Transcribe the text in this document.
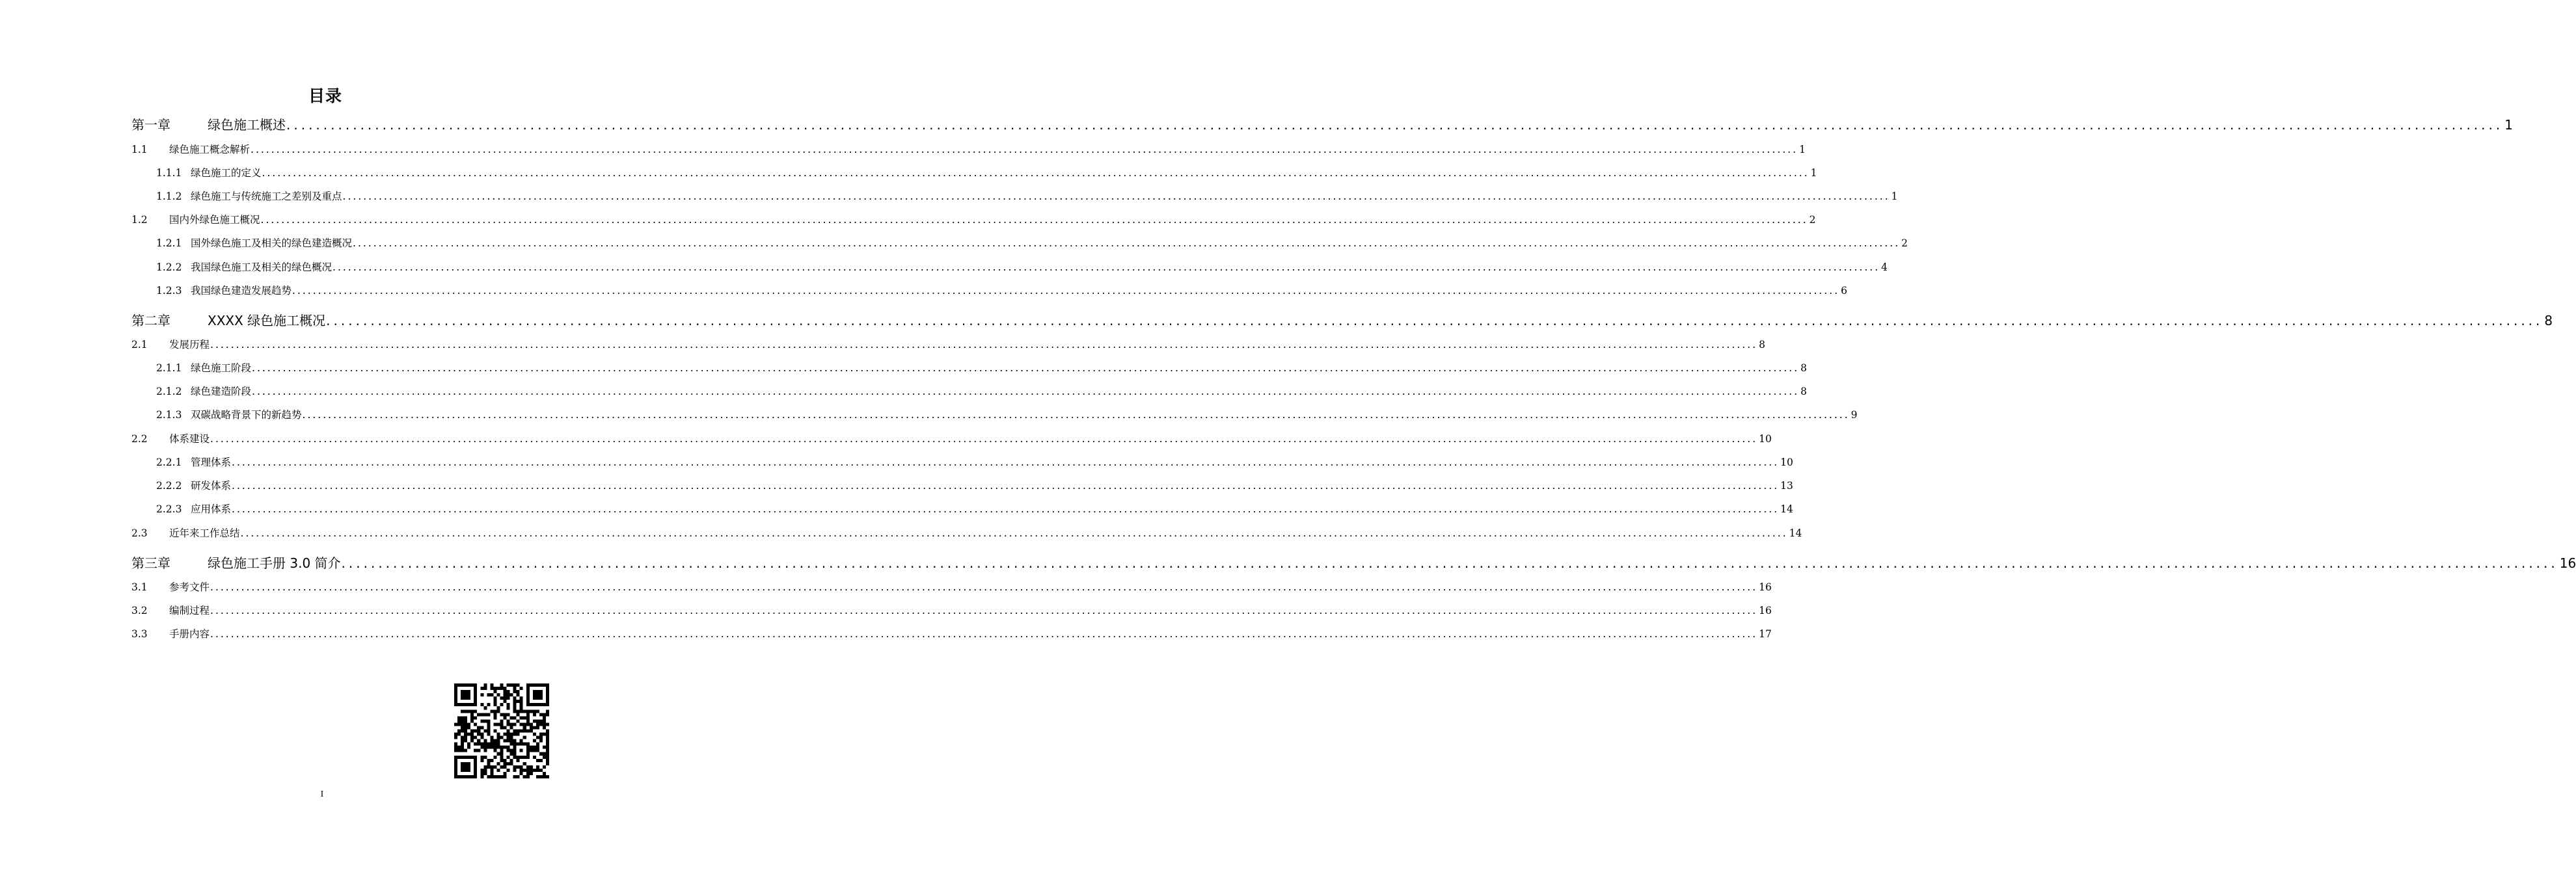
目录
第一章	绿色施工概述 ............................................................................................................................................................................................................................................................................................................ 1
1.1	绿色施工概念解析 ............................................................................................................................................................................................................................................................................................................ 1
1.1.1 绿色施工的定义 ............................................................................................................................................................................................................................................................................................................ 1
1.1.2 绿色施工与传统施工之差别及重点 ............................................................................................................................................................................................................................................................................................................ 1
1.2	国内外绿色施工概况 ............................................................................................................................................................................................................................................................................................................ 2
1.2.1 国外绿色施工及相关的绿色建造概况 ............................................................................................................................................................................................................................................................................................................ 2
1.2.2 我国绿色施工及相关的绿色概况 ............................................................................................................................................................................................................................................................................................................ 4
1.2.3 我国绿色建造发展趋势 ............................................................................................................................................................................................................................................................................................................ 6
第二章	XXXX 绿色施工概况 ............................................................................................................................................................................................................................................................................................................ 8
2.1	发展历程 ............................................................................................................................................................................................................................................................................................................ 8
2.1.1 绿色施工阶段 ............................................................................................................................................................................................................................................................................................................ 8
2.1.2 绿色建造阶段 ............................................................................................................................................................................................................................................................................................................ 8
2.1.3 双碳战略背景下的新趋势 ............................................................................................................................................................................................................................................................................................................ 9
2.2	体系建设 ............................................................................................................................................................................................................................................................................................................ 10
2.2.1 管理体系 ............................................................................................................................................................................................................................................................................................................ 10
2.2.2 研发体系 ............................................................................................................................................................................................................................................................................................................ 13
2.2.3 应用体系 ............................................................................................................................................................................................................................................................................................................ 14
2.3	近年来工作总结 ............................................................................................................................................................................................................................................................................................................ 14
第三章	绿色施工手册 3.0 简介 ............................................................................................................................................................................................................................................................................................................ 16
3.1	参考文件 ............................................................................................................................................................................................................................................................................................................ 16
3.2	编制过程 ............................................................................................................................................................................................................................................................................................................ 16
3.3	手册内容 ............................................................................................................................................................................................................................................................................................................ 17
I
